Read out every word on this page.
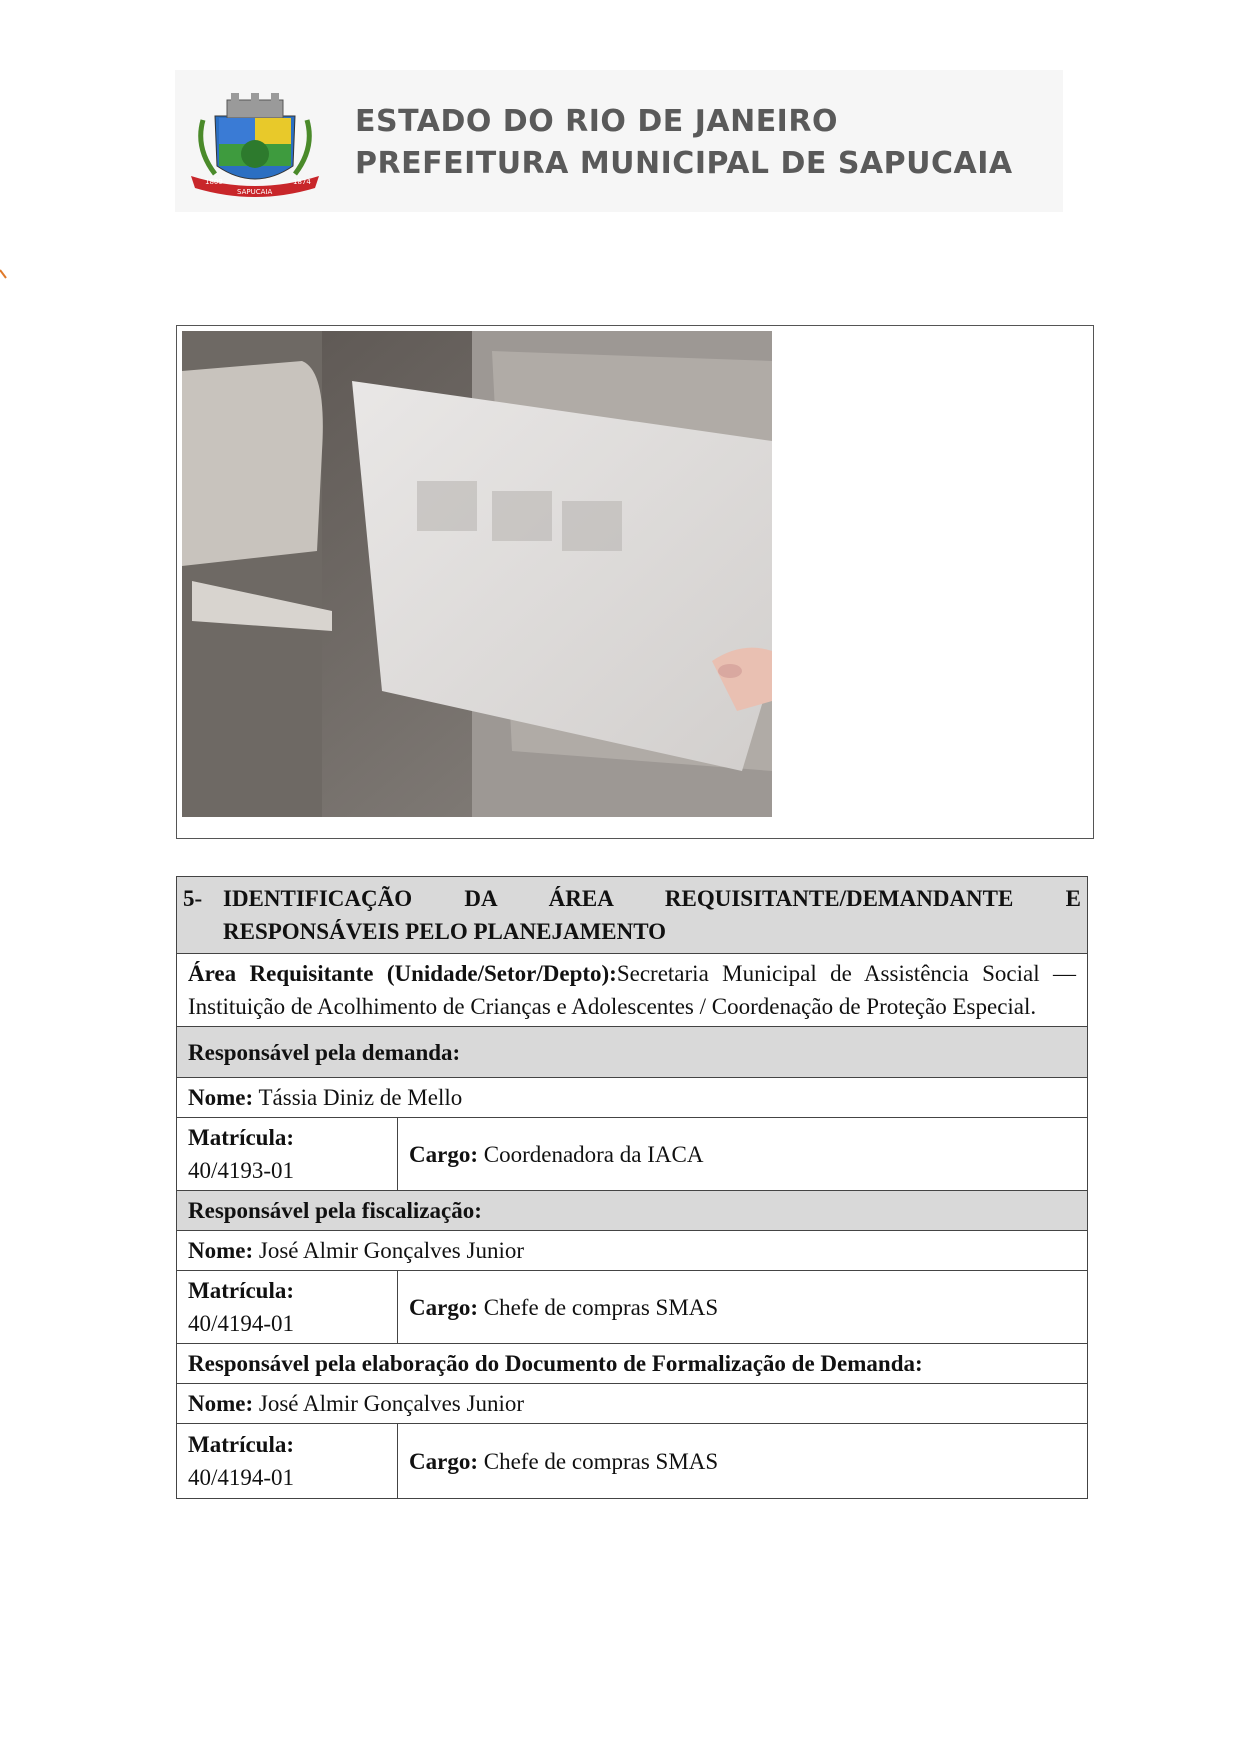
1809	1874
SAPUCAIA
ESTADO DO RIO DE JANEIRO
PREFEITURA MUNICIPAL DE SAPUCAIA
5- IDENTIFICAÇÃO DA ÁREA REQUISITANTE/DEMANDANTE E
RESPONSÁVEIS PELO PLANEJAMENTO	

Área Requisitante (Unidade/Setor/Depto):Secretaria Municipal de Assistência Social — Instituição de Acolhimento de Crianças e Adolescentes / Coordenação de Proteção Especial.	
Responsável pela demanda:	
Nome: Tássia Diniz de Mello	
Matrícula:
40/4193-01	Cargo: Coordenadora da IACA
Responsável pela fiscalização:	
Nome: José Almir Gonçalves Junior	
Matrícula:
40/4194-01	Cargo: Chefe de compras SMAS
Responsável pela elaboração do Documento de Formalização de Demanda:	
Nome: José Almir Gonçalves Junior	
Matrícula:
40/4194-01	Cargo: Chefe de compras SMAS
